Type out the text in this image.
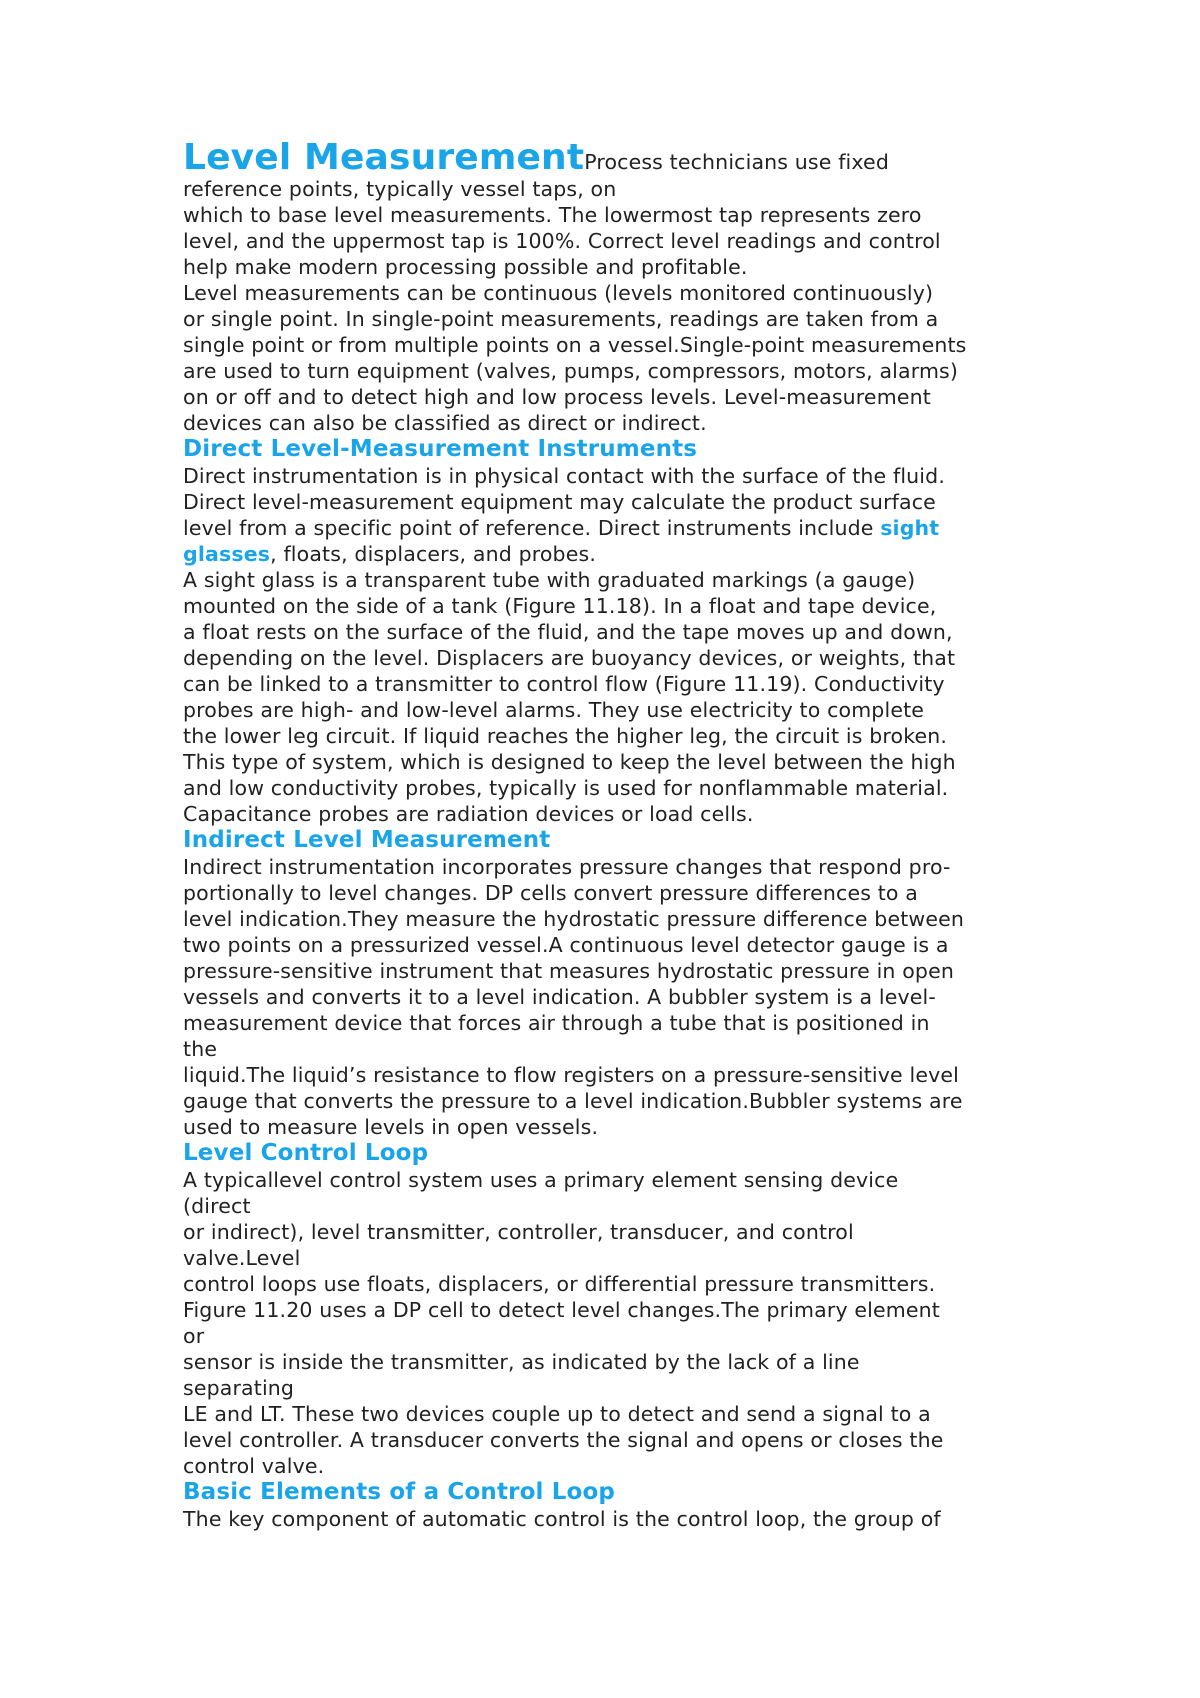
Level MeasurementProcess technicians use fixed
reference points, typically vessel taps, on
which to base level measurements. The lowermost tap represents zero
level, and the uppermost tap is 100%. Correct level readings and control
help make modern processing possible and profitable.
Level measurements can be continuous (levels monitored continuously)
or single point. In single-point measurements, readings are taken from a
single point or from multiple points on a vessel.Single-point measurements
are used to turn equipment (valves, pumps, compressors, motors, alarms)
on or off and to detect high and low process levels. Level-measurement
devices can also be classified as direct or indirect.
Direct Level-Measurement Instruments
Direct instrumentation is in physical contact with the surface of the fluid.
Direct level-measurement equipment may calculate the product surface
level from a specific point of reference. Direct instruments include sight
glasses, floats, displacers, and probes.
A sight glass is a transparent tube with graduated markings (a gauge)
mounted on the side of a tank (Figure 11.18). In a float and tape device,
a float rests on the surface of the fluid, and the tape moves up and down,
depending on the level. Displacers are buoyancy devices, or weights, that
can be linked to a transmitter to control flow (Figure 11.19). Conductivity
probes are high- and low-level alarms. They use electricity to complete
the lower leg circuit. If liquid reaches the higher leg, the circuit is broken.
This type of system, which is designed to keep the level between the high
and low conductivity probes, typically is used for nonflammable material.
Capacitance probes are radiation devices or load cells.
Indirect Level Measurement
Indirect instrumentation incorporates pressure changes that respond pro-
portionally to level changes. DP cells convert pressure differences to a
level indication.They measure the hydrostatic pressure difference between
two points on a pressurized vessel.A continuous level detector gauge is a
pressure-sensitive instrument that measures hydrostatic pressure in open
vessels and converts it to a level indication. A bubbler system is a level-
measurement device that forces air through a tube that is positioned in
the
liquid.The liquid’s resistance to flow registers on a pressure-sensitive level
gauge that converts the pressure to a level indication.Bubbler systems are
used to measure levels in open vessels.
Level Control Loop
A typicallevel control system uses a primary element sensing device
(direct
or indirect), level transmitter, controller, transducer, and control
valve.Level
control loops use floats, displacers, or differential pressure transmitters.
Figure 11.20 uses a DP cell to detect level changes.The primary element
or
sensor is inside the transmitter, as indicated by the lack of a line
separating
LE and LT. These two devices couple up to detect and send a signal to a
level controller. A transducer converts the signal and opens or closes the
control valve.
Basic Elements of a Control Loop
The key component of automatic control is the control loop, the group of
